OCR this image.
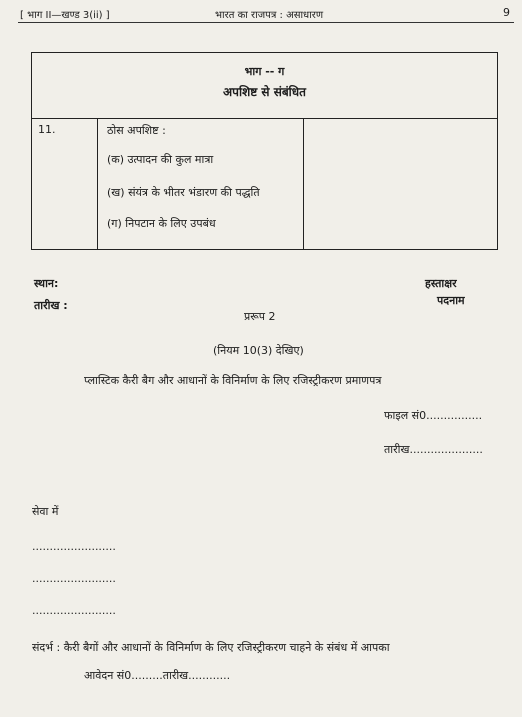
[ भाग II—खण्ड 3(ii) ]	भारत का राजपत्र : असाधारण	9
भाग -- ग
अपशिष्ट से संबंधित
11.	ठोस अपशिष्ट :
(क) उत्पादन की कुल मात्रा
(ख) संयंत्र के भीतर भंडारण की पद्धति
(ग) निपटान के लिए उपबंध
स्थान:	हस्ताक्षर
तारीख :	पदनाम
प्ररूप 2
(नियम 10(3) देखिए)
प्लास्टिक कैरी बैग और आधानों के विनिर्माण के लिए रजिस्ट्रीकरण प्रमाणपत्र
फाइल सं0................
तारीख.....................
सेवा में
........................
........................
........................
संदर्भ : कैरी बैगों और आधानों के विनिर्माण के लिए रजिस्ट्रीकरण चाहने के संबंध में आपका
आवेदन सं0.........तारीख............
